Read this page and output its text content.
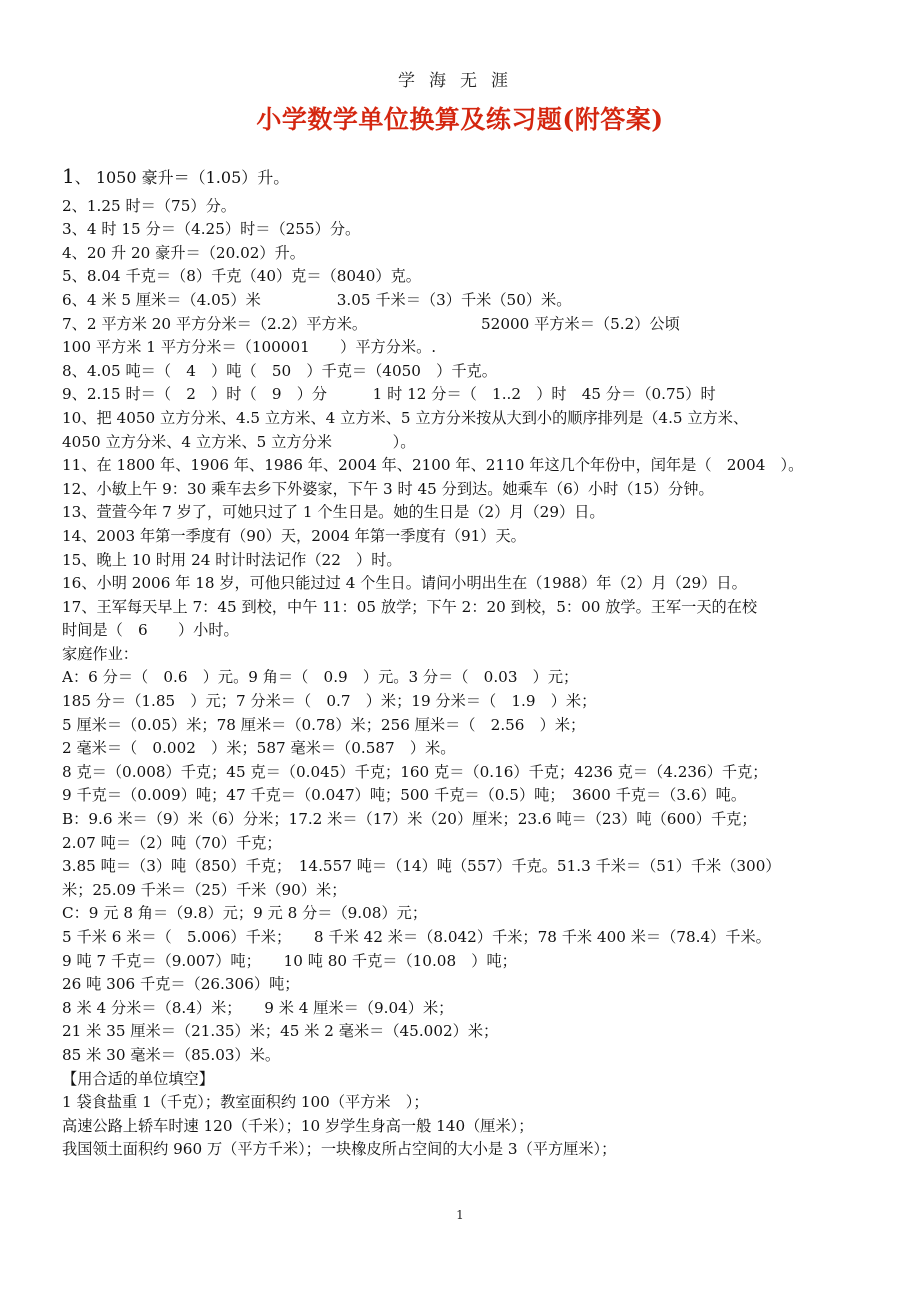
学海无涯
小学数学单位换算及练习题(附答案)
1、 1050 豪升＝（1.05）升。
2、1.25 时＝（75）分。
3、4 时 15 分＝（4.25）时＝（255）分。
4、20 升 20 豪升＝（20.02）升。
5、8.04 千克＝（8）千克（40）克＝（8040）克。
6、4 米 5 厘米＝（4.05）米　　　　　3.05 千米＝（3）千米（50）米。
7、2 平方米 20 平方分米＝（2.2）平方米。　　　　　　　　52000 平方米＝（5.2）公顷
100 平方米 1 平方分米＝（100001　　）平方分米。.
8、4.05 吨＝（　4　）吨（　50　）千克＝（4050　）千克。
9、2.15 时＝（　2　）时（　9　）分　　　1 时 12 分＝（　1..2　）时　45 分＝（0.75）时
10、把 4050 立方分米、4.5 立方米、4 立方米、5 立方分米按从大到小的顺序排列是（4.5 立方米、
4050 立方分米、4 立方米、5 立方分米　　　　）。
11、在 1800 年、1906 年、1986 年、2004 年、2100 年、2110 年这几个年份中，闰年是（　2004　）。
12、小敏上午 9：30 乘车去乡下外婆家，下午 3 时 45 分到达。她乘车（6）小时（15）分钟。
13、萱萱今年 7 岁了，可她只过了 1 个生日是。她的生日是（2）月（29）日。
14、2003 年第一季度有（90）天，2004 年第一季度有（91）天。
15、晚上 10 时用 24 时计时法记作（22　）时。
16、小明 2006 年 18 岁，可他只能过过 4 个生日。请问小明出生在（1988）年（2）月（29）日。
17、王军每天早上 7：45 到校，中午 11：05 放学；下午 2：20 到校，5：00 放学。王军一天的在校
时间是（　6　　）小时。
家庭作业：
A：6 分＝（　0.6　）元。9 角＝（　0.9　）元。3 分＝（　0.03　）元；
185 分＝（1.85　）元；7 分米＝（　0.7　）米；19 分米＝（　1.9　）米；
5 厘米＝（0.05）米；78 厘米＝（0.78）米；256 厘米＝（　2.56　）米；
2 毫米＝（　0.002　）米；587 毫米＝（0.587　）米。
8 克＝（0.008）千克；45 克＝（0.045）千克；160 克＝（0.16）千克；4236 克＝（4.236）千克；
9 千克＝（0.009）吨；47 千克＝（0.047）吨；500 千克＝（0.5）吨；　3600 千克＝（3.6）吨。
B：9.6 米＝（9）米（6）分米；17.2 米＝（17）米（20）厘米；23.6 吨＝（23）吨（600）千克；
2.07 吨＝（2）吨（70）千克；
3.85 吨＝（3）吨（850）千克；　14.557 吨＝（14）吨（557）千克。51.3 千米＝（51）千米（300）
米；25.09 千米＝（25）千米（90）米；
C：9 元 8 角＝（9.8）元；9 元 8 分＝（9.08）元；
5 千米 6 米＝（　5.006）千米；　　8 千米 42 米＝（8.042）千米；78 千米 400 米＝（78.4）千米。
9 吨 7 千克＝（9.007）吨；　　10 吨 80 千克＝（10.08　）吨；
26 吨 306 千克＝（26.306）吨；
8 米 4 分米＝（8.4）米；　　9 米 4 厘米＝（9.04）米；
21 米 35 厘米＝（21.35）米；45 米 2 毫米＝（45.002）米；
85 米 30 毫米＝（85.03）米。
【用合适的单位填空】
1 袋食盐重 1（千克）；教室面积约 100（平方米　）；
高速公路上轿车时速 120（千米）；10 岁学生身高一般 140（厘米）；
我国领土面积约 960 万（平方千米）；一块橡皮所占空间的大小是 3（平方厘米）；
1
